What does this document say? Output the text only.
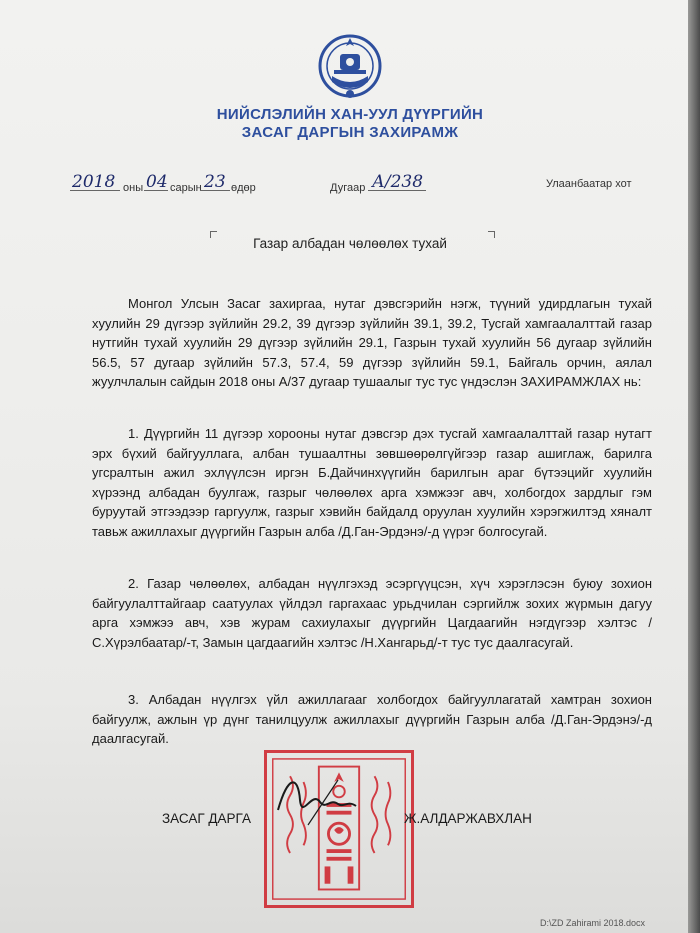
НИЙСЛЭЛИЙН ХАН-УУЛ ДҮҮРГИЙН
ЗАСАГ ДАРГЫН ЗАХИРАМЖ
2018 оны 04 сарын 23 өдөр	Дугаар А/238	Улаанбаатар хот
Газар албадан чөлөөлөх тухай

Монгол Улсын Засаг захиргаа, нутаг дэвсгэрийн нэгж, түүний удирдлагын тухай хуулийн 29 дүгээр зүйлийн 29.2, 39 дүгээр зүйлийн 39.1, 39.2, Тусгай хамгаалалттай газар нутгийн тухай хуулийн 29 дүгээр зүйлийн 29.1, Газрын тухай хуулийн 56 дугаар зүйлийн 56.5, 57 дугаар зүйлийн 57.3, 57.4, 59 дүгээр зүйлийн 59.1, Байгаль орчин, аялал жуулчлалын сайдын 2018 оны А/37 дугаар тушаалыг тус тус үндэслэн ЗАХИРАМЖЛАХ нь:

1. Дүүргийн 11 дүгээр хорооны нутаг дэвсгэр дэх тусгай хамгаалалттай газар нутагт эрх бүхий байгууллага, албан тушаалтны зөвшөөрөлгүйгээр газар ашиглаж, барилга угсралтын ажил эхлүүлсэн иргэн Б.Дайчинхүүгийн барилгын араг бүтээцийг хуулийн хүрээнд албадан буулгаж, газрыг чөлөөлөх арга хэмжээг авч, холбогдох зардлыг гэм буруутай этгээдээр гаргуулж, газрыг хэвийн байдалд оруулан хуулийн хэрэгжилтэд хяналт тавьж ажиллахыг дүүргийн Газрын алба /Д.Ган-Эрдэнэ/-д үүрэг болгосугай.

2. Газар чөлөөлөх, албадан нүүлгэхэд эсэргүүцсэн, хүч хэрэглэсэн буюу зохион байгуулалттайгаар саатуулах үйлдэл гаргахаас урьдчилан сэргийлж зохих жүрмын дагуу арга хэмжээ авч, хэв журам сахиулахыг дүүргийн Цагдаагийн нэгдүгээр хэлтэс /С.Хүрэлбаатар/-т, Замын цагдаагийн хэлтэс /Н.Хангарьд/-т тус тус даалгасугай.

3. Албадан нүүлгэх үйл ажиллагааг холбогдох байгууллагатай хамтран зохион байгуулж, ажлын үр дүнг танилцуулж ажиллахыг дүүргийн Газрын алба /Д.Ган-Эрдэнэ/-д даалгасугай.

ЗАСАГ ДАРГА	Ж.АЛДАРЖАВХЛАН
D:\ZD Zahirami 2018.docx
